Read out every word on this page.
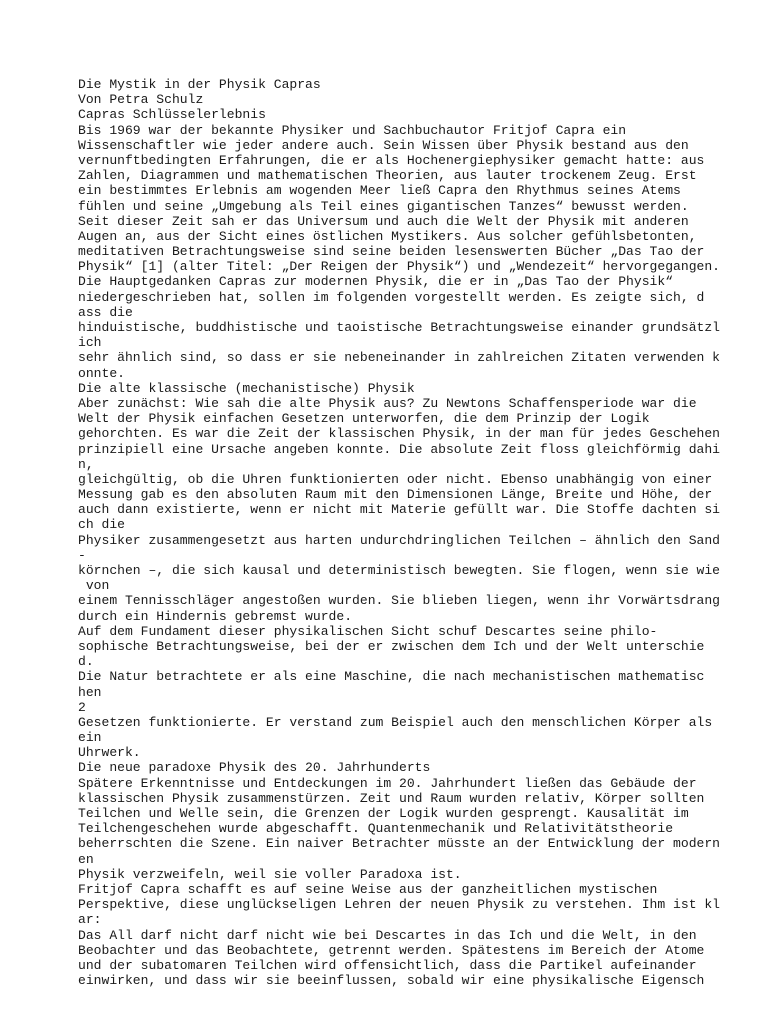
Die Mystik in der Physik Capras
Von Petra Schulz
Capras Schlüsselerlebnis
Bis 1969 war der bekannte Physiker und Sachbuchautor Fritjof Capra ein
Wissenschaftler wie jeder andere auch. Sein Wissen über Physik bestand aus den
vernunftbedingten Erfahrungen, die er als Hochenergiephysiker gemacht hatte: aus
Zahlen, Diagrammen und mathematischen Theorien, aus lauter trockenem Zeug. Erst
ein bestimmtes Erlebnis am wogenden Meer ließ Capra den Rhythmus seines Atems
fühlen und seine „Umgebung als Teil eines gigantischen Tanzes“ bewusst werden.
Seit dieser Zeit sah er das Universum und auch die Welt der Physik mit anderen
Augen an, aus der Sicht eines östlichen Mystikers. Aus solcher gefühlsbetonten,
meditativen Betrachtungsweise sind seine beiden lesenswerten Bücher „Das Tao der
Physik“ [1] (alter Titel: „Der Reigen der Physik“) und „Wendezeit“ hervorgegangen.
Die Hauptgedanken Capras zur modernen Physik, die er in „Das Tao der Physik“
niedergeschrieben hat, sollen im folgenden vorgestellt werden. Es zeigte sich, d
ass die
hinduistische, buddhistische und taoistische Betrachtungsweise einander grundsätzl
ich
sehr ähnlich sind, so dass er sie nebeneinander in zahlreichen Zitaten verwenden k
onnte.
Die alte klassische (mechanistische) Physik
Aber zunächst: Wie sah die alte Physik aus? Zu Newtons Schaffensperiode war die
Welt der Physik einfachen Gesetzen unterworfen, die dem Prinzip der Logik
gehorchten. Es war die Zeit der klassischen Physik, in der man für jedes Geschehen
prinzipiell eine Ursache angeben konnte. Die absolute Zeit floss gleichförmig dahi
n,
gleichgültig, ob die Uhren funktionierten oder nicht. Ebenso unabhängig von einer
Messung gab es den absoluten Raum mit den Dimensionen Länge, Breite und Höhe, der
auch dann existierte, wenn er nicht mit Materie gefüllt war. Die Stoffe dachten si
ch die
Physiker zusammengesetzt aus harten undurchdringlichen Teilchen – ähnlich den Sand
-
körnchen –, die sich kausal und deterministisch bewegten. Sie flogen, wenn sie wie
von
einem Tennisschläger angestoßen wurden. Sie blieben liegen, wenn ihr Vorwärtsdrang
durch ein Hindernis gebremst wurde.
Auf dem Fundament dieser physikalischen Sicht schuf Descartes seine philo-
sophische Betrachtungsweise, bei der er zwischen dem Ich und der Welt unterschie
d.
Die Natur betrachtete er als eine Maschine, die nach mechanistischen mathematisc
hen
2
Gesetzen funktionierte. Er verstand zum Beispiel auch den menschlichen Körper als
ein
Uhrwerk.
Die neue paradoxe Physik des 20. Jahrhunderts
Spätere Erkenntnisse und Entdeckungen im 20. Jahrhundert ließen das Gebäude der
klassischen Physik zusammenstürzen. Zeit und Raum wurden relativ, Körper sollten
Teilchen und Welle sein, die Grenzen der Logik wurden gesprengt. Kausalität im
Teilchengeschehen wurde abgeschafft. Quantenmechanik und Relativitätstheorie
beherrschten die Szene. Ein naiver Betrachter müsste an der Entwicklung der modern
en
Physik verzweifeln, weil sie voller Paradoxa ist.
Fritjof Capra schafft es auf seine Weise aus der ganzheitlichen mystischen
Perspektive, diese unglückseligen Lehren der neuen Physik zu verstehen. Ihm ist kl
ar:
Das All darf nicht darf nicht wie bei Descartes in das Ich und die Welt, in den
Beobachter und das Beobachtete, getrennt werden. Spätestens im Bereich der Atome
und der subatomaren Teilchen wird offensichtlich, dass die Partikel aufeinander
einwirken, und dass wir sie beeinflussen, sobald wir eine physikalische Eigensch
